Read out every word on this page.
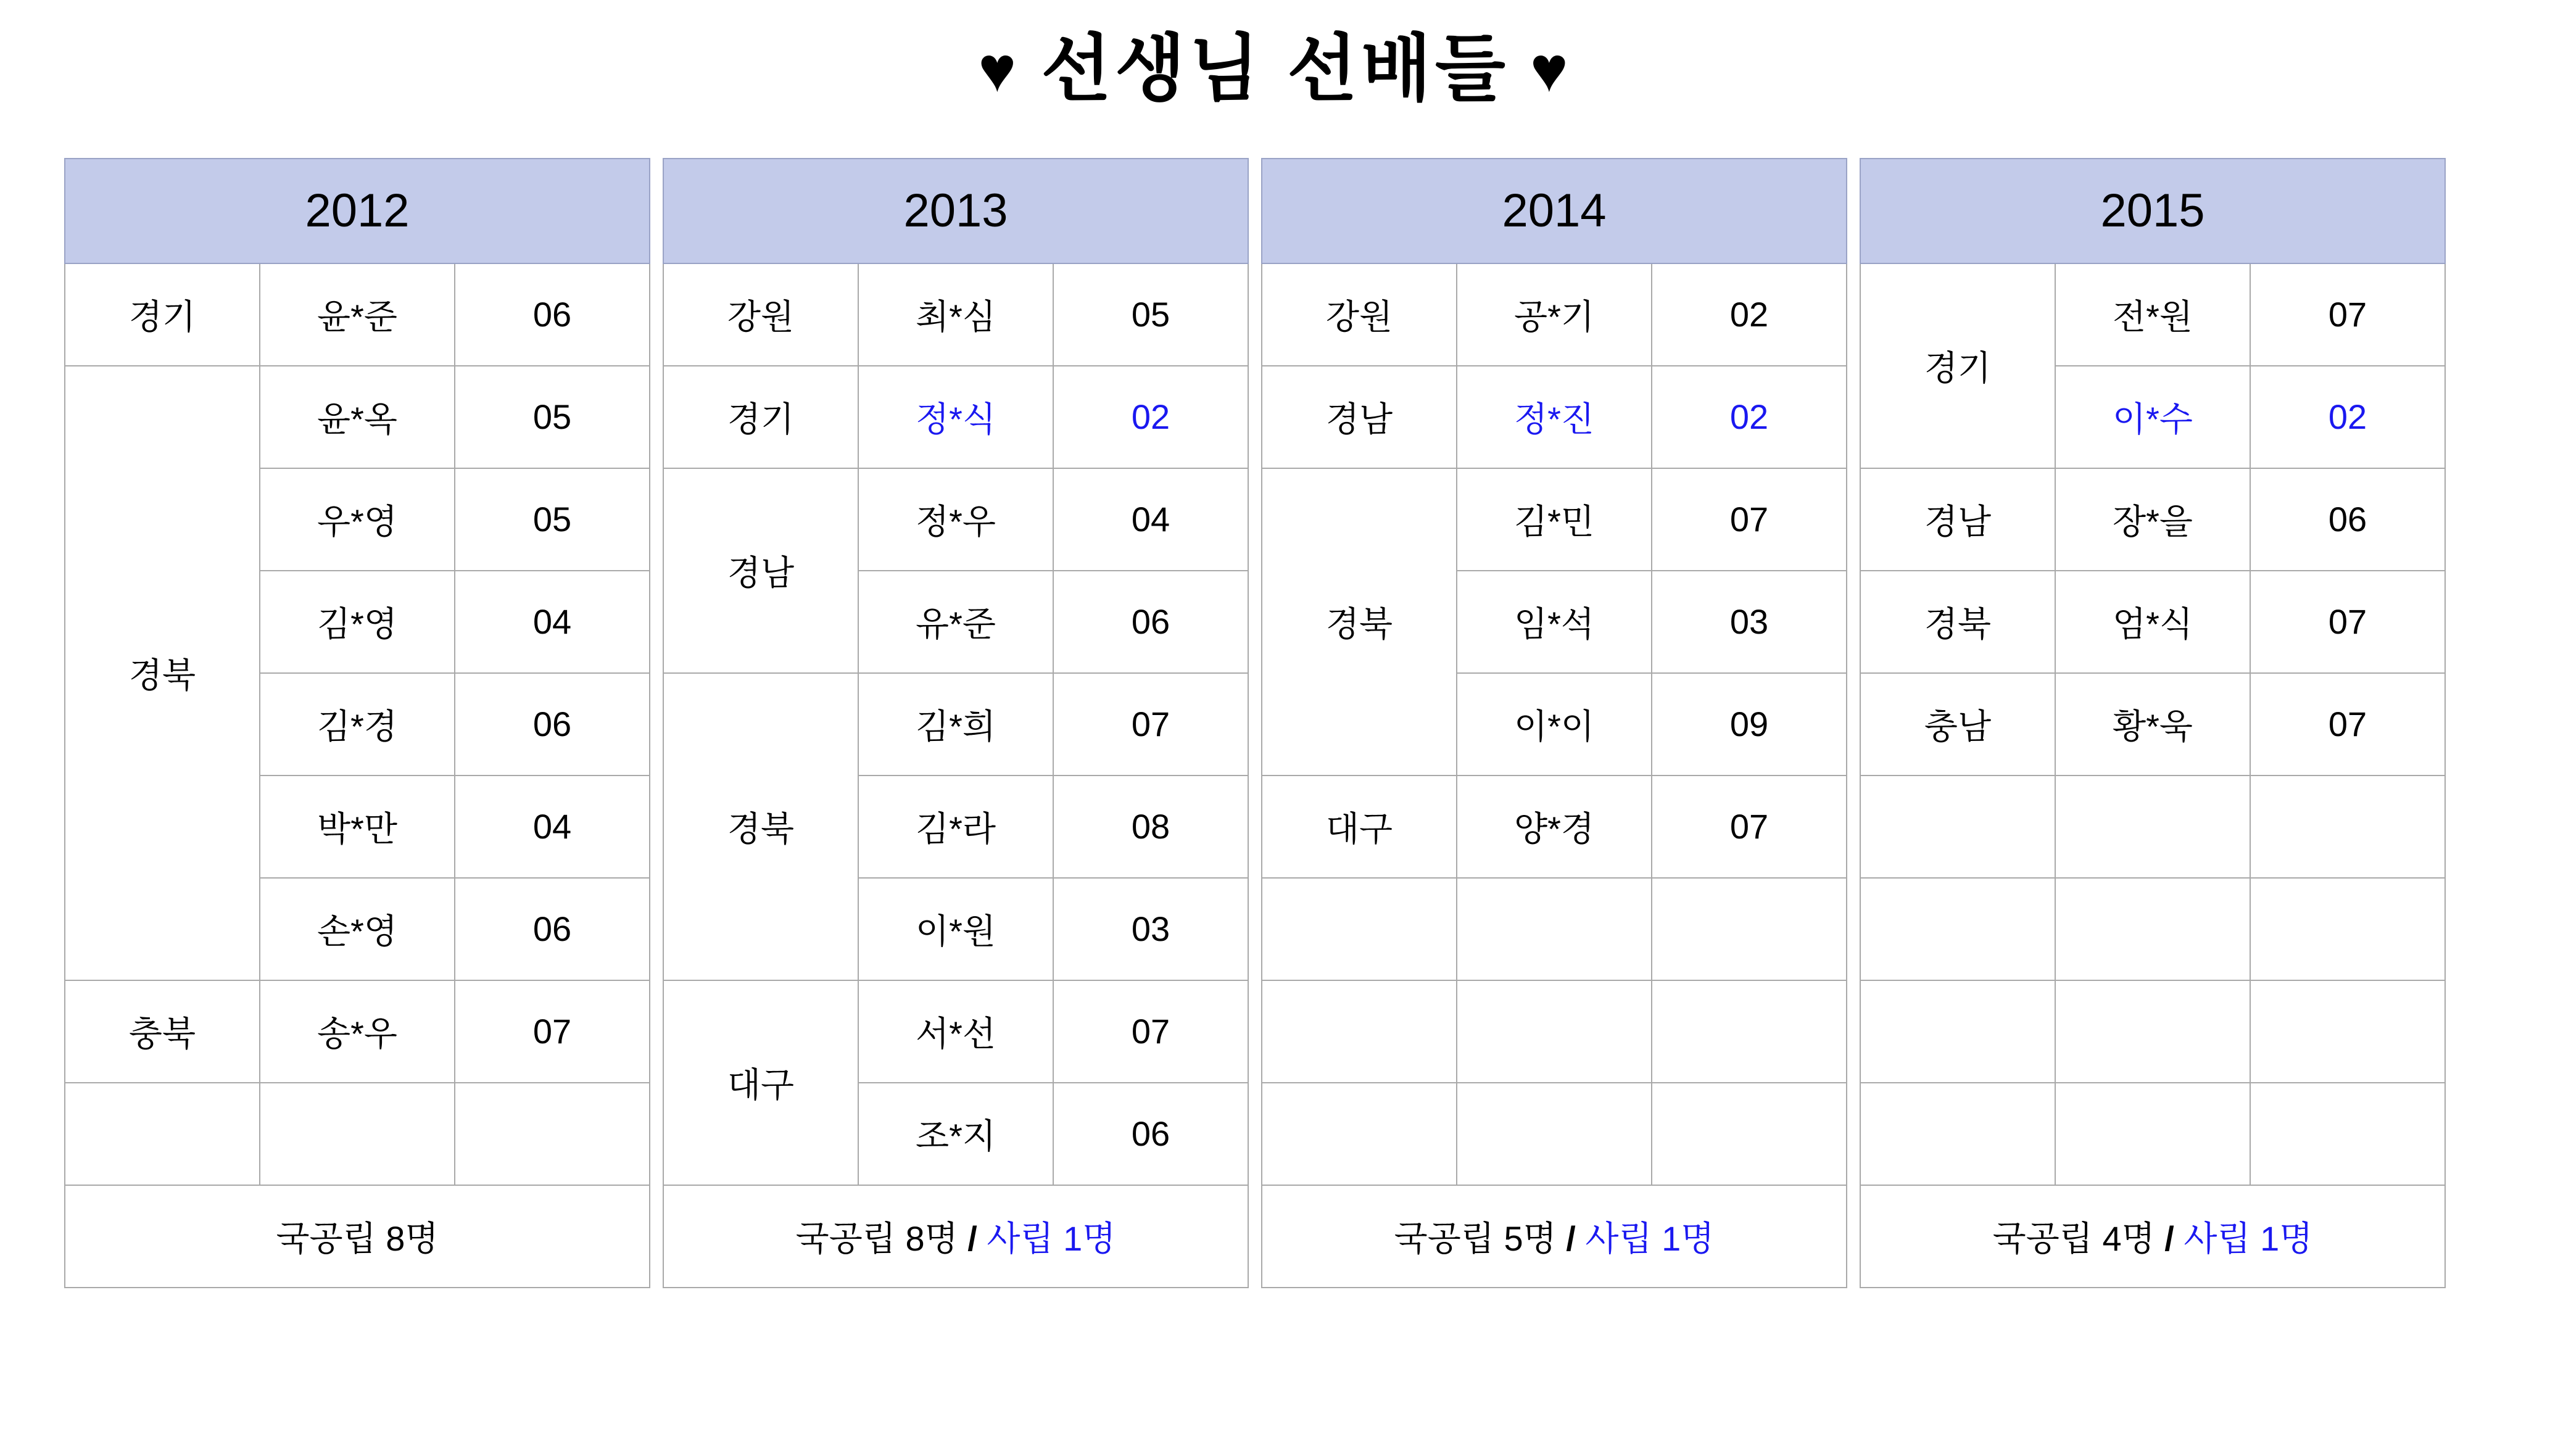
♥ 선생님 선배들 ♥
2012		
경기	윤*준	06
경북	윤*옥	05
	우*영	05
	김*영	04
	김*경	06
	박*만	04
	손*영	06
충북	송*우	07

국공립 8명		
2013		
강원	최*심	05
경기	정*식	02
경남	정*우	04
	유*준	06
경북	김*희	07
	김*라	08
	이*원	03
대구	서*선	07
	조*지	06
국공립 8명 / 사립 1명		
2014		
강원	공*기	02
경남	정*진	02
경북	김*민	07
	임*석	03
	이*이	09
대구	양*경	07

국공립 5명 / 사립 1명		
2015		
경기	전*원	07
	이*수	02
경남	장*을	06
경북	엄*식	07
충남	황*욱	07

국공립 4명 / 사립 1명		
